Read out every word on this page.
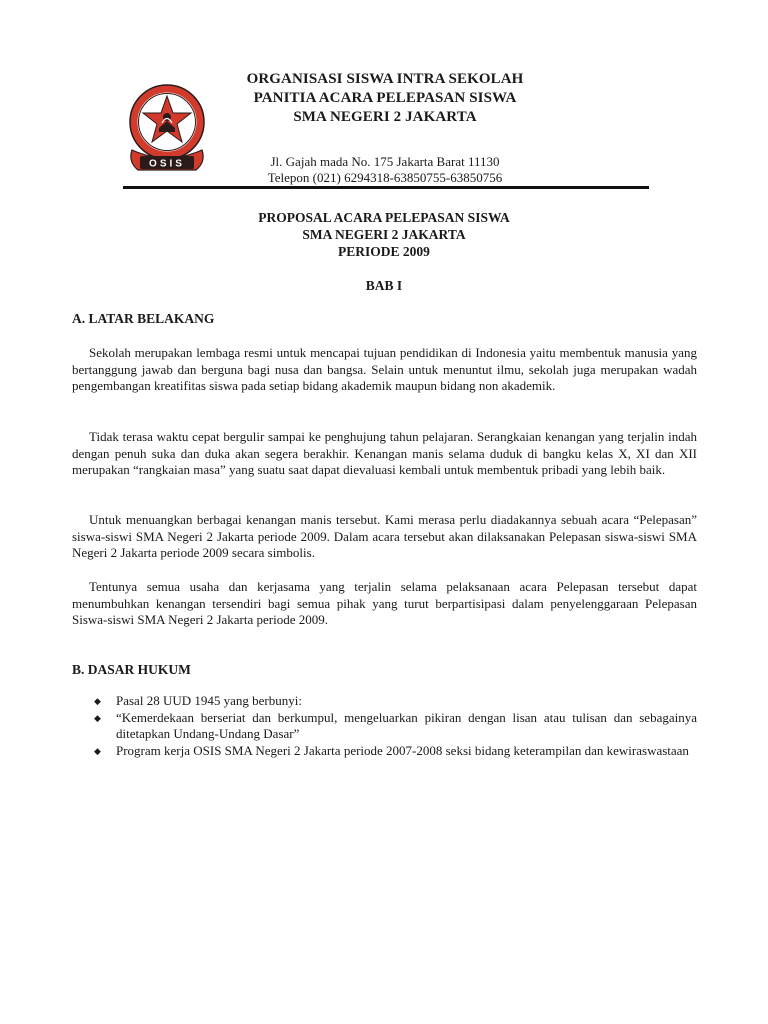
OSIS
ORGANISASI SISWA INTRA SEKOLAH
PANITIA ACARA PELEPASAN SISWA
SMA NEGERI 2 JAKARTA
Jl. Gajah mada No. 175 Jakarta Barat 11130
Telepon (021) 6294318-63850755-63850756
PROPOSAL ACARA PELEPASAN SISWA
SMA NEGERI 2 JAKARTA
PERIODE 2009
BAB I
A. LATAR BELAKANG

Sekolah merupakan lembaga resmi untuk mencapai tujuan pendidikan di Indonesia yaitu membentuk manusia yang bertanggung jawab dan berguna bagi nusa dan bangsa. Selain untuk menuntut ilmu, sekolah juga merupakan wadah pengembangan kreatifitas siswa pada setiap bidang akademik maupun bidang non akademik.

Tidak terasa waktu cepat bergulir sampai ke penghujung tahun pelajaran. Serangkaian kenangan yang terjalin indah dengan penuh suka dan duka akan segera berakhir. Kenangan manis selama duduk di bangku kelas X, XI dan XII merupakan “rangkaian masa” yang suatu saat dapat dievaluasi kembali untuk membentuk pribadi yang lebih baik.

Untuk menuangkan berbagai kenangan manis tersebut. Kami merasa perlu diadakannya sebuah acara “Pelepasan” siswa-siswi SMA Negeri 2 Jakarta periode 2009. Dalam acara tersebut akan dilaksanakan Pelepasan siswa-siswi SMA Negeri 2 Jakarta periode 2009 secara simbolis.

Tentunya semua usaha dan kerjasama yang terjalin selama pelaksanaan acara Pelepasan tersebut dapat menumbuhkan kenangan tersendiri bagi semua pihak yang turut berpartisipasi dalam penyelenggaraan Pelepasan Siswa-siswi SMA Negeri 2 Jakarta periode 2009.

B. DASAR HUKUM
◆ Pasal 28 UUD 1945 yang berbunyi:
◆ “Kemerdekaan berseriat dan berkumpul, mengeluarkan pikiran dengan lisan atau tulisan dan sebagainya ditetapkan Undang-Undang Dasar”
◆ Program kerja OSIS SMA Negeri 2 Jakarta periode 2007-2008 seksi bidang keterampilan dan kewiraswastaan
